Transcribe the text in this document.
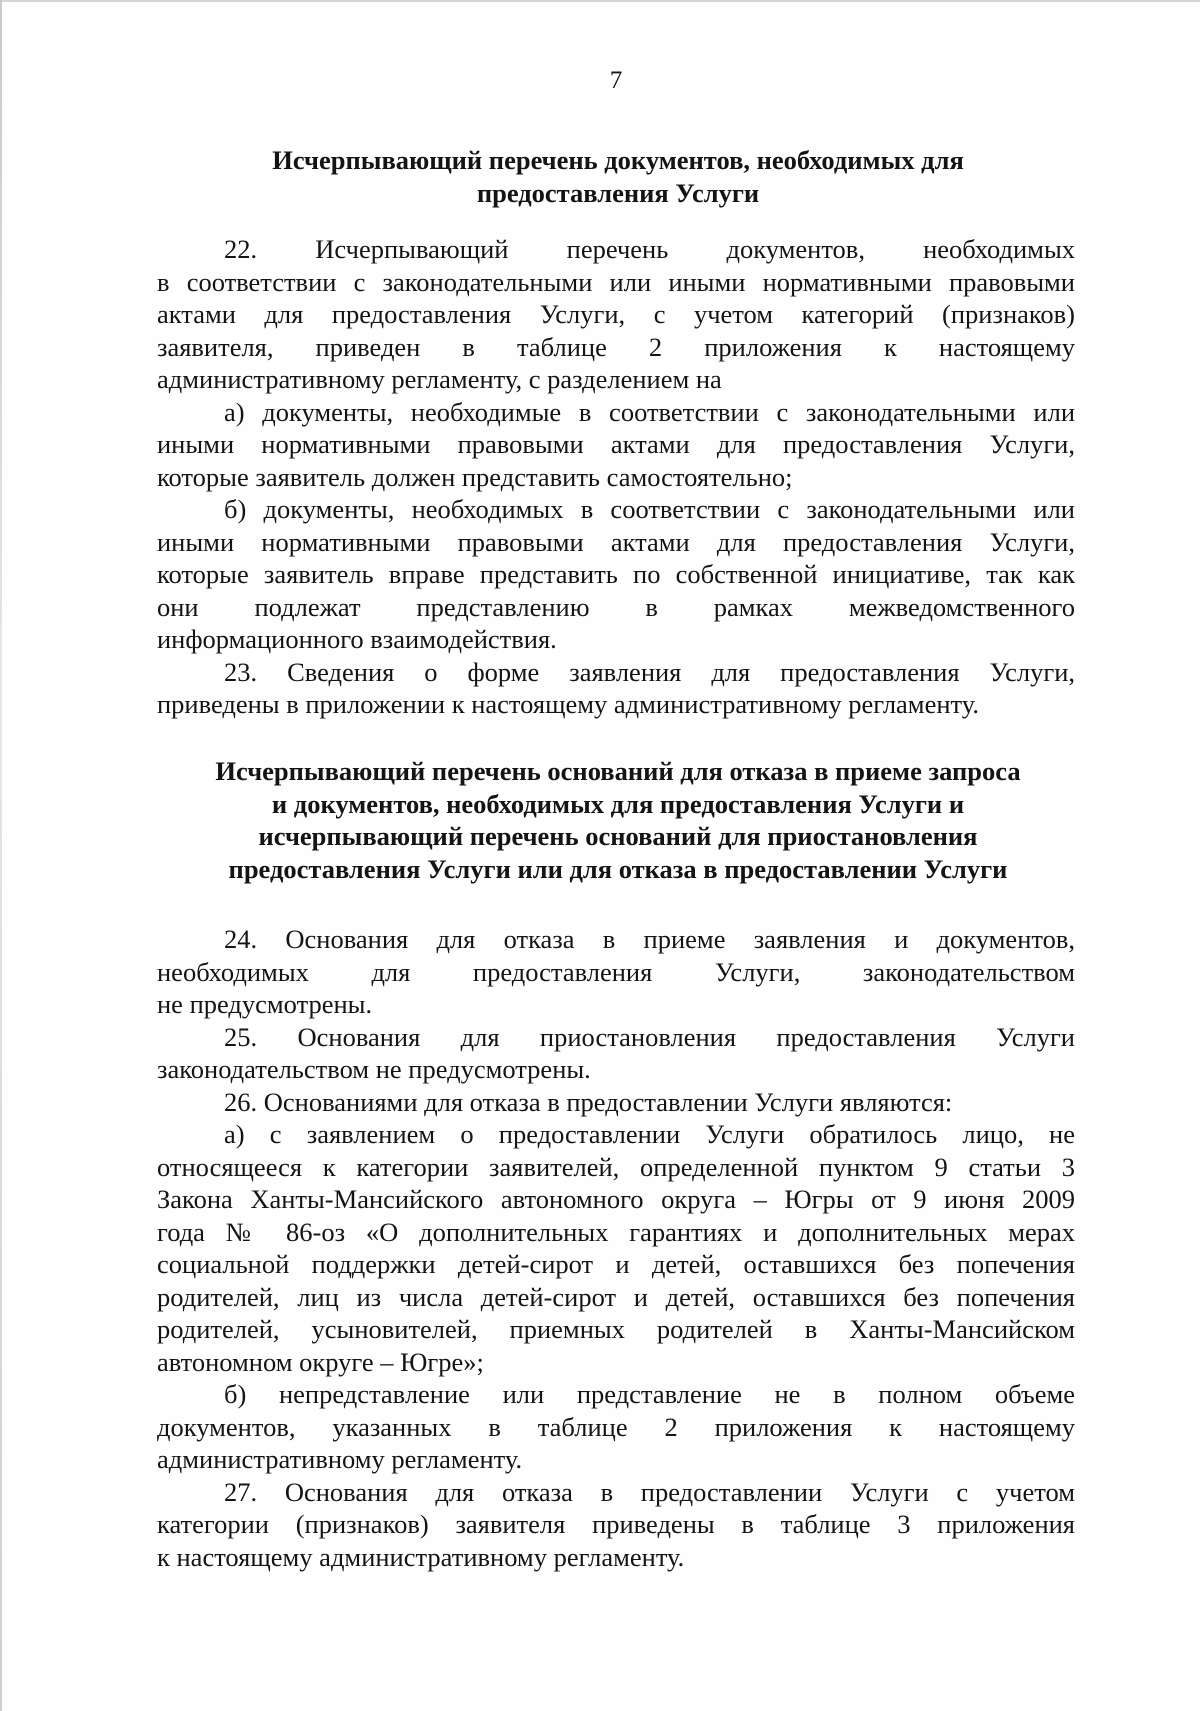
7
Исчерпывающий перечень документов, необходимых для
предоставления Услуги
22. Исчерпывающий перечень документов, необходимых
в соответствии с законодательными или иными нормативными правовыми
актами для предоставления Услуги, с учетом категорий (признаков)
заявителя, приведен в таблице 2 приложения к настоящему
административному регламенту, с разделением на
а) документы, необходимые в соответствии с законодательными или
иными нормативными правовыми актами для предоставления Услуги,
которые заявитель должен представить самостоятельно;
б) документы, необходимых в соответствии с законодательными или
иными нормативными правовыми актами для предоставления Услуги,
которые заявитель вправе представить по собственной инициативе, так как
они подлежат представлению в рамках межведомственного
информационного взаимодействия.
23. Сведения о форме заявления для предоставления Услуги,
приведены в приложении к настоящему административному регламенту.
Исчерпывающий перечень оснований для отказа в приеме запроса
и документов, необходимых для предоставления Услуги и
исчерпывающий перечень оснований для приостановления
предоставления Услуги или для отказа в предоставлении Услуги
24. Основания для отказа в приеме заявления и документов,
необходимых для предоставления Услуги, законодательством
не предусмотрены.
25. Основания для приостановления предоставления Услуги
законодательством не предусмотрены.
26. Основаниями для отказа в предоставлении Услуги являются:
а) с заявлением о предоставлении Услуги обратилось лицо, не
относящееся к категории заявителей, определенной пунктом 9 статьи 3
Закона Ханты-Мансийского автономного округа – Югры от 9 июня 2009
года № 86-оз «О дополнительных гарантиях и дополнительных мерах
социальной поддержки детей-сирот и детей, оставшихся без попечения
родителей, лиц из числа детей-сирот и детей, оставшихся без попечения
родителей, усыновителей, приемных родителей в Ханты-Мансийском
автономном округе – Югре»;
б) непредставление или представление не в полном объеме
документов, указанных в таблице 2 приложения к настоящему
административному регламенту.
27. Основания для отказа в предоставлении Услуги с учетом
категории (признаков) заявителя приведены в таблице 3 приложения
к настоящему административному регламенту.
